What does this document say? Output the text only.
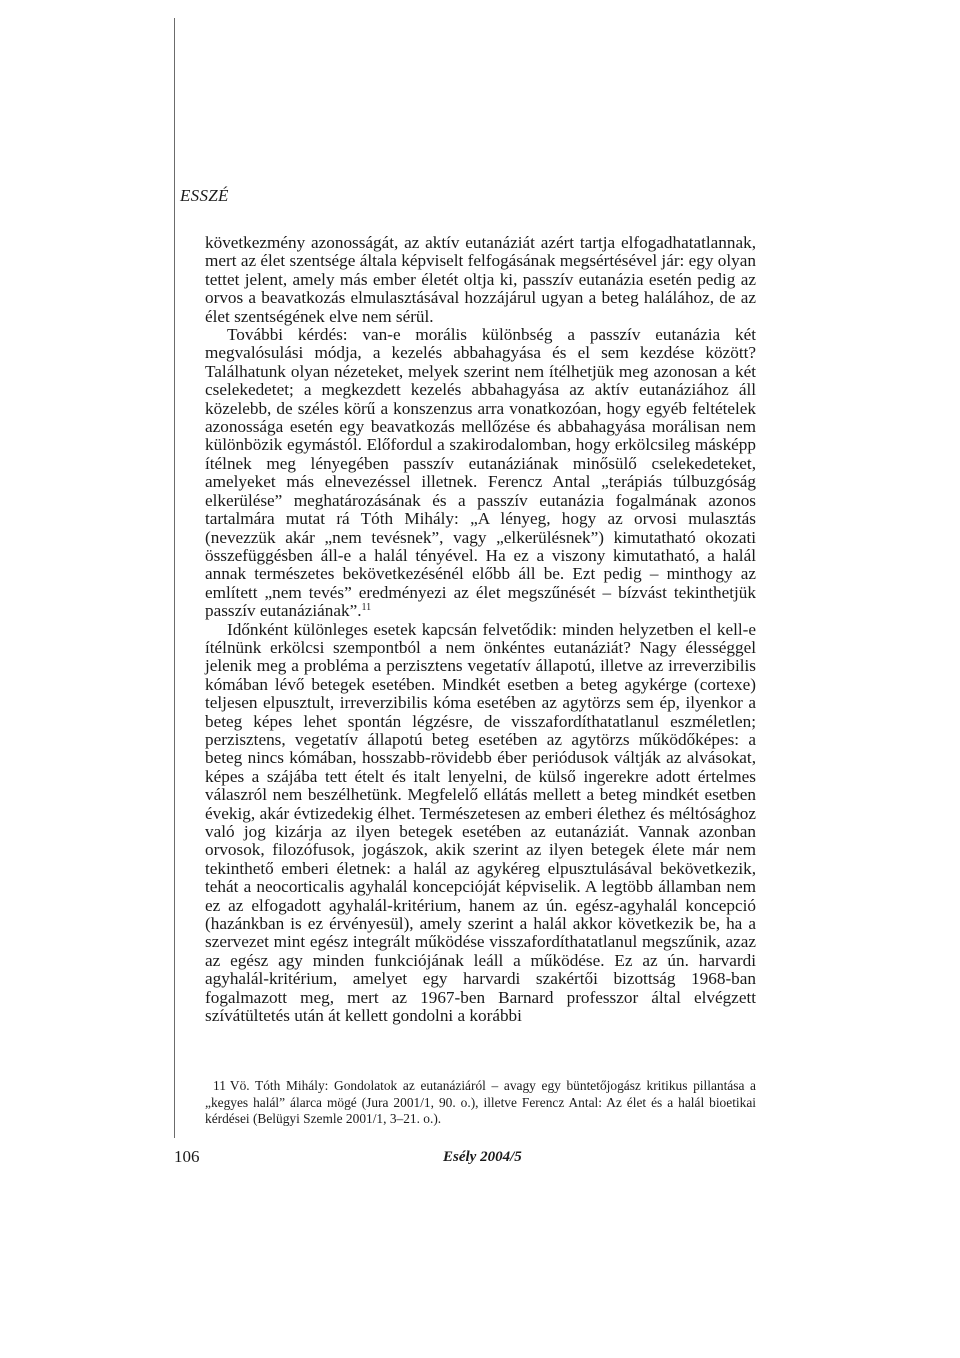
ESSZÉ

következmény azonosságát, az aktív eutanáziát azért tartja elfogadhatatlannak, mert az élet szentsége általa képviselt felfogásának megsértésével jár: egy olyan tettet jelent, amely más ember életét oltja ki, passzív eutanázia esetén pedig az orvos a beavatkozás elmulasztásával hozzájárul ugyan a beteg halálához, de az élet szentségének elve nem sérül.

További kérdés: van-e morális különbség a passzív eutanázia két megvalósulási módja, a kezelés abbahagyása és el sem kezdése között? Találhatunk olyan nézeteket, melyek szerint nem ítélhetjük meg azonosan a két cselekedetet; a megkezdett kezelés abbahagyása az aktív eutanáziához áll közelebb, de széles körű a konszenzus arra vonatkozóan, hogy egyéb feltételek azonossága esetén egy beavatkozás mellőzése és abbahagyása morálisan nem különbözik egymástól. Előfordul a szakirodalomban, hogy erkölcsileg másképp ítélnek meg lényegében passzív eutanáziának minősülő cselekedeteket, amelyeket más elnevezéssel illetnek. Ferencz Antal „terápiás túlbuzgóság elkerülése” meghatározásának és a passzív eutanázia fogalmának azonos tartalmára mutat rá Tóth Mihály: „A lényeg, hogy az orvosi mulasztás (nevezzük akár „nem tevésnek”, vagy „elkerülésnek”) kimutatható okozati összefüggésben áll-e a halál tényével. Ha ez a viszony kimutatható, a halál annak természetes bekövetkezésénél előbb áll be. Ezt pedig – minthogy az említett „nem tevés” eredményezi az élet megszűnését – bízvást tekinthetjük passzív eutanáziának”.$^{11}$

Időnként különleges esetek kapcsán felvetődik: minden helyzetben el kell-e ítélnünk erkölcsi szempontból a nem önkéntes eutanáziát? Nagy élességgel jelenik meg a probléma a perzisztens vegetatív állapotú, illetve az irreverzibilis kómában lévő betegek esetében. Mindkét esetben a beteg agykérge (cortexe) teljesen elpusztult, irreverzibilis kóma esetében az agytörzs sem ép, ilyenkor a beteg képes lehet spontán légzésre, de visszafordíthatatlanul eszméletlen; perzisztens, vegetatív állapotú beteg esetében az agytörzs működőképes: a beteg nincs kómában, hosszabb-rövidebb éber periódusok váltják az alvásokat, képes a szájába tett ételt és italt lenyelni, de külső ingerekre adott értelmes válaszról nem beszélhetünk. Megfelelő ellátás mellett a beteg mindkét esetben évekig, akár évtizedekig élhet. Természetesen az emberi élethez és méltósághoz való jog kizárja az ilyen betegek esetében az eutanáziát. Vannak azonban orvosok, filozófusok, jogászok, akik szerint az ilyen betegek élete már nem tekinthető emberi életnek: a halál az agykéreg elpusztulásával bekövetkezik, tehát a neocorticalis agyhalál koncepcióját képviselik. A legtöbb államban nem ez az elfogadott agyhalál-kritérium, hanem az ún. egész-agyhalál koncepció (hazánkban is ez érvényesül), amely szerint a halál akkor következik be, ha a szervezet mint egész integrált működése visszafordíthatatlanul megszűnik, azaz az egész agy minden funkciójának leáll a működése. Ez az ún. harvardi agyhalál-kritérium, amelyet egy harvardi szakértői bizottság 1968-ban fogalmazott meg, mert az 1967-ben Barnard professzor által elvégzett szívátültetés után át kellett gondolni a korábbi

11 Vö. Tóth Mihály: Gondolatok az eutanáziáról – avagy egy büntetőjogász kritikus pillantása a „kegyes halál” álarca mögé (Jura 2001/1, 90. o.), illetve Ferencz Antal: Az élet és a halál bioetikai kérdései (Belügyi Szemle 2001/1, 3–21. o.).
106	Esély 2004/5
